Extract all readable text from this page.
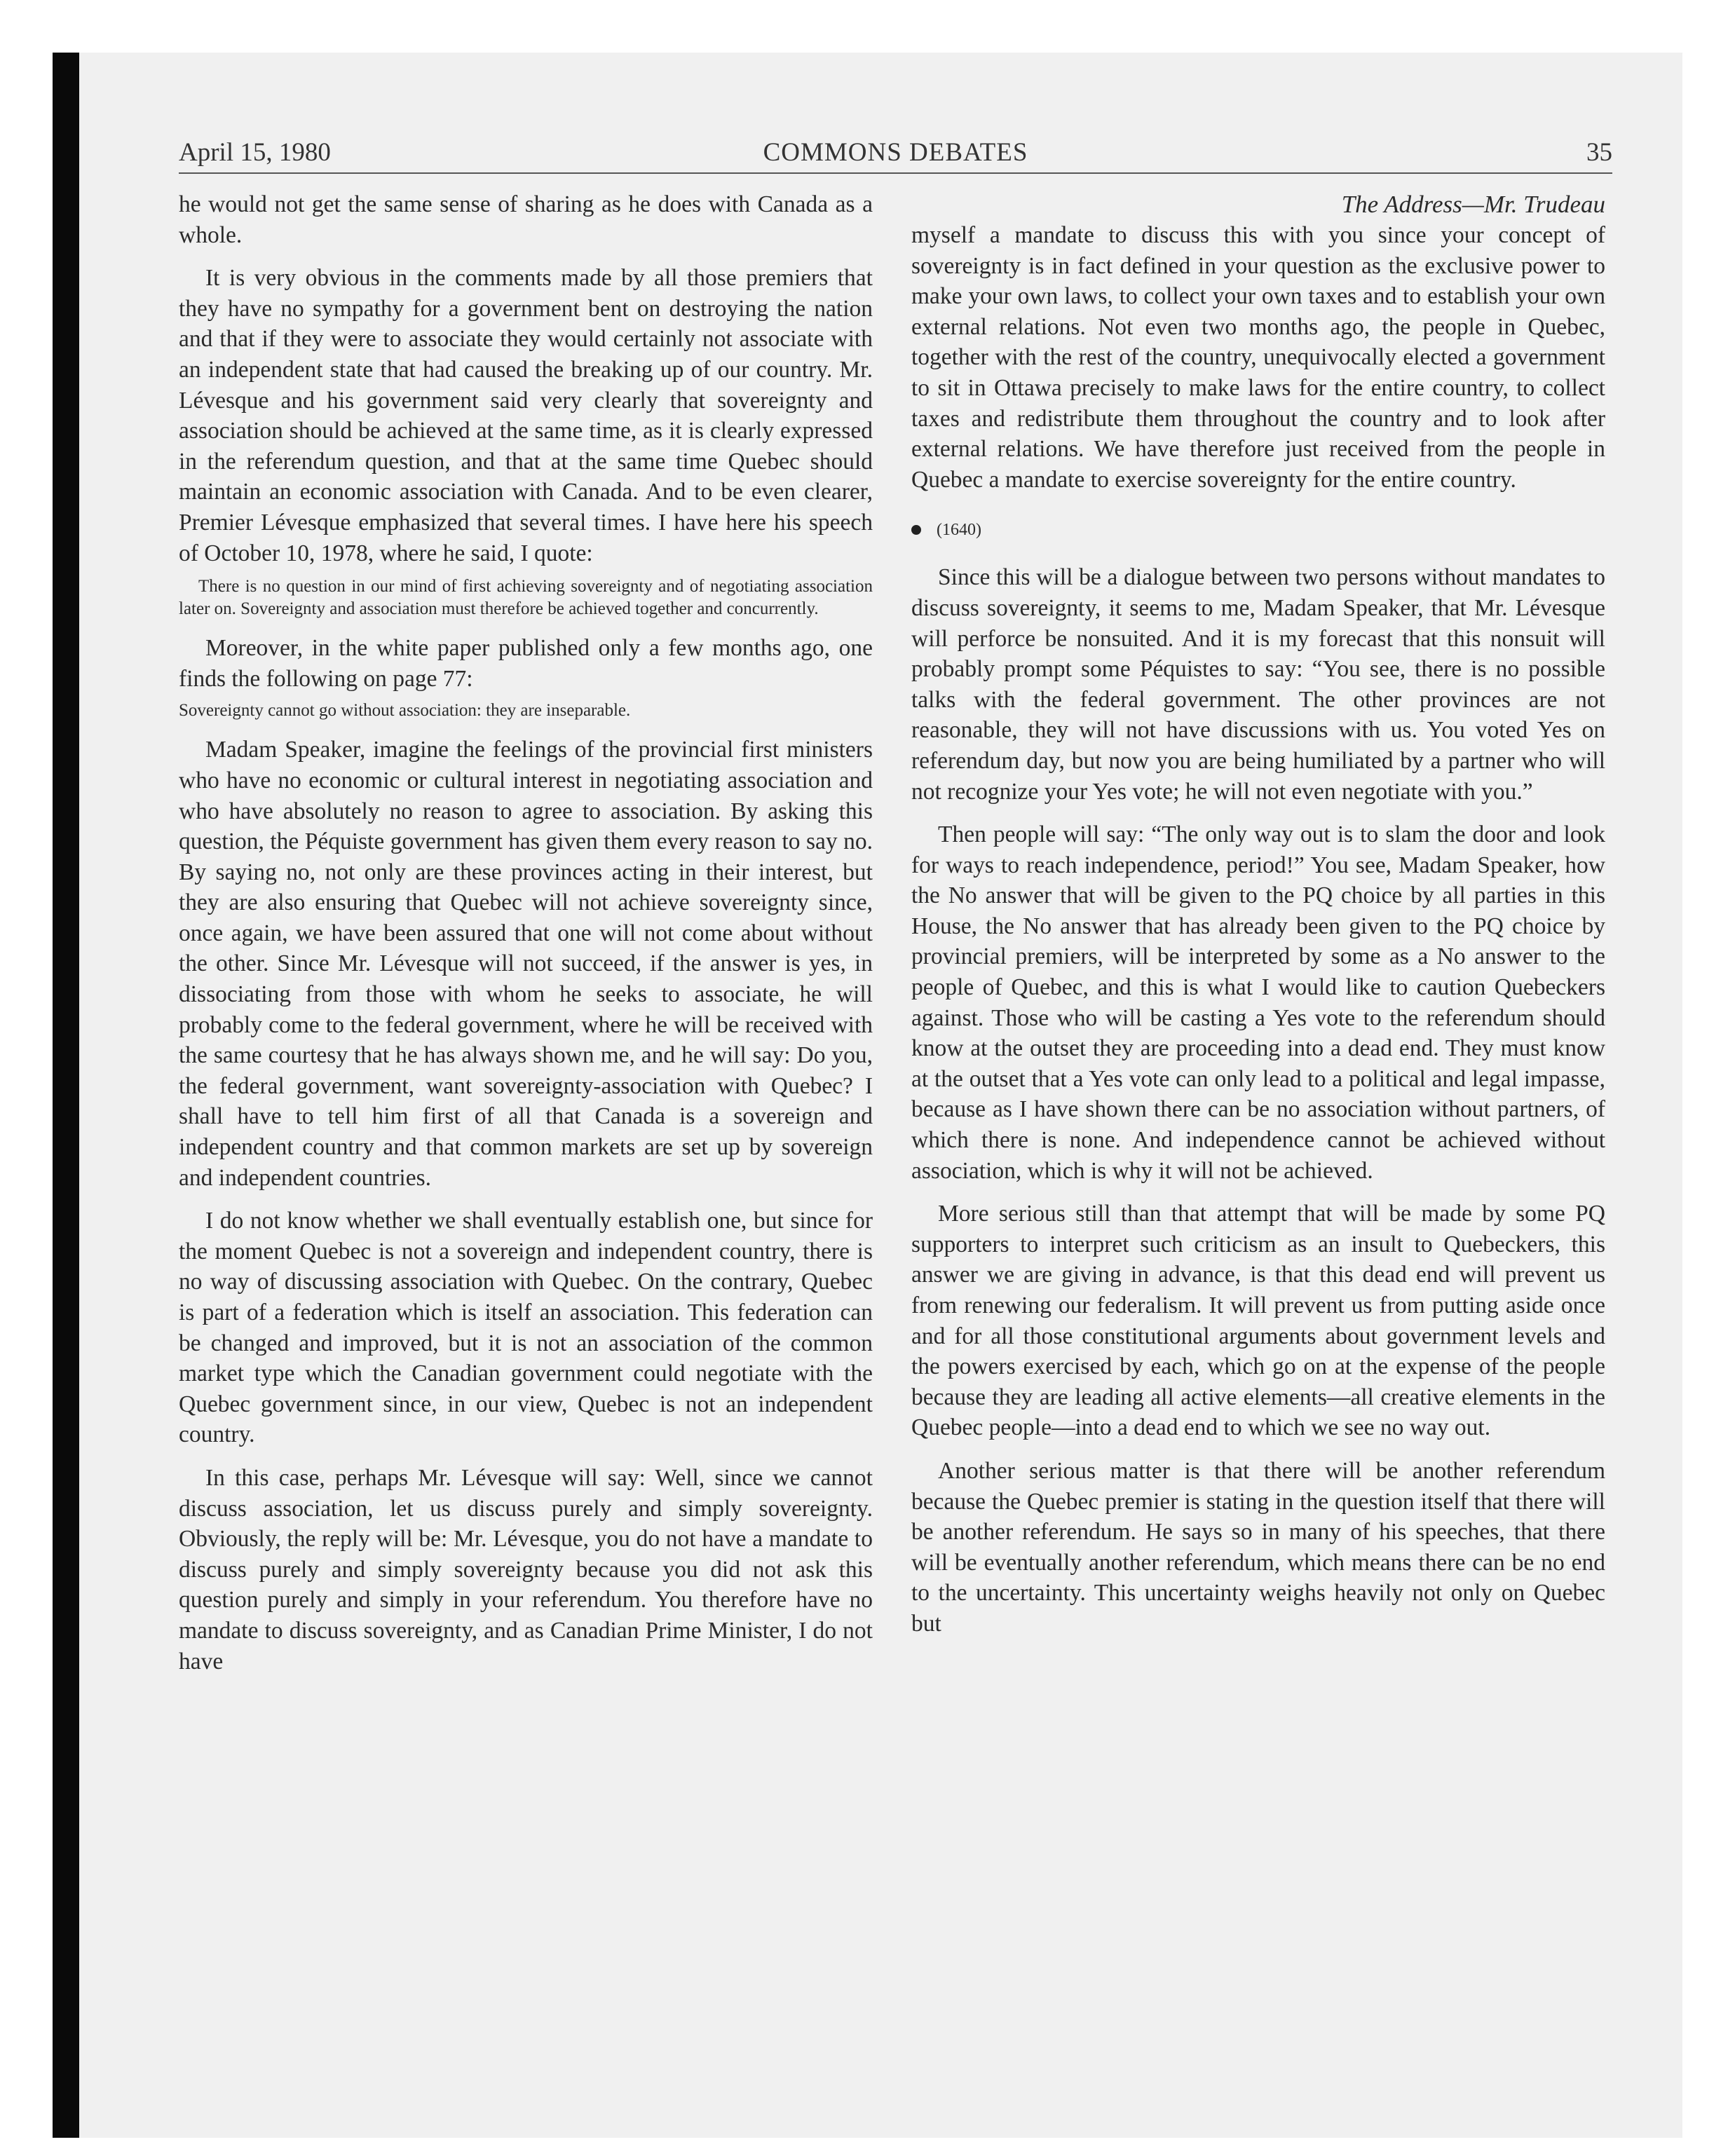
COMMONS DEBATES
April 15, 1980	35

he would not get the same sense of sharing as he does with Canada as a whole.

It is very obvious in the comments made by all those premiers that they have no sympathy for a government bent on destroying the nation and that if they were to associate they would certainly not associate with an independent state that had caused the breaking up of our country. Mr. Lévesque and his government said very clearly that sovereignty and association should be achieved at the same time, as it is clearly expressed in the referendum question, and that at the same time Quebec should maintain an economic association with Canada. And to be even clearer, Premier Lévesque emphasized that several times. I have here his speech of October 10, 1978, where he said, I quote:

There is no question in our mind of first achieving sovereignty and of negotiating association later on. Sovereignty and association must therefore be achieved together and concurrently.

Moreover, in the white paper published only a few months ago, one finds the following on page 77:

Sovereignty cannot go without association: they are inseparable.

Madam Speaker, imagine the feelings of the provincial first ministers who have no economic or cultural interest in negotiating association and who have absolutely no reason to agree to association. By asking this question, the Péquiste government has given them every reason to say no. By saying no, not only are these provinces acting in their interest, but they are also ensuring that Quebec will not achieve sovereignty since, once again, we have been assured that one will not come about without the other. Since Mr. Lévesque will not succeed, if the answer is yes, in dissociating from those with whom he seeks to associate, he will probably come to the federal government, where he will be received with the same courtesy that he has always shown me, and he will say: Do you, the federal government, want sovereignty-association with Quebec? I shall have to tell him first of all that Canada is a sovereign and independent country and that common markets are set up by sovereign and independent countries.

I do not know whether we shall eventually establish one, but since for the moment Quebec is not a sovereign and independent country, there is no way of discussing association with Quebec. On the contrary, Quebec is part of a federation which is itself an association. This federation can be changed and improved, but it is not an association of the common market type which the Canadian government could negotiate with the Quebec government since, in our view, Quebec is not an independent country.

In this case, perhaps Mr. Lévesque will say: Well, since we cannot discuss association, let us discuss purely and simply sovereignty. Obviously, the reply will be: Mr. Lévesque, you do not have a mandate to discuss purely and simply sovereignty because you did not ask this question purely and simply in your referendum. You therefore have no mandate to discuss sovereignty, and as Canadian Prime Minister, I do not have

The Address—Mr. Trudeau

myself a mandate to discuss this with you since your concept of sovereignty is in fact defined in your question as the exclusive power to make your own laws, to collect your own taxes and to establish your own external relations. Not even two months ago, the people in Quebec, together with the rest of the country, unequivocally elected a government to sit in Ottawa precisely to make laws for the entire country, to collect taxes and redistribute them throughout the country and to look after external relations. We have therefore just received from the people in Quebec a mandate to exercise sovereignty for the entire country.

(1640)

Since this will be a dialogue between two persons without mandates to discuss sovereignty, it seems to me, Madam Speaker, that Mr. Lévesque will perforce be nonsuited. And it is my forecast that this nonsuit will probably prompt some Péquistes to say: “You see, there is no possible talks with the federal government. The other provinces are not reasonable, they will not have discussions with us. You voted Yes on referendum day, but now you are being humiliated by a partner who will not recognize your Yes vote; he will not even negotiate with you.”

Then people will say: “The only way out is to slam the door and look for ways to reach independence, period!” You see, Madam Speaker, how the No answer that will be given to the PQ choice by all parties in this House, the No answer that has already been given to the PQ choice by provincial premiers, will be interpreted by some as a No answer to the people of Quebec, and this is what I would like to caution Quebeckers against. Those who will be casting a Yes vote to the referendum should know at the outset they are proceeding into a dead end. They must know at the outset that a Yes vote can only lead to a political and legal impasse, because as I have shown there can be no association without partners, of which there is none. And independence cannot be achieved without association, which is why it will not be achieved.

More serious still than that attempt that will be made by some PQ supporters to interpret such criticism as an insult to Quebeckers, this answer we are giving in advance, is that this dead end will prevent us from renewing our federalism. It will prevent us from putting aside once and for all those constitutional arguments about government levels and the powers exercised by each, which go on at the expense of the people because they are leading all active elements—all creative elements in the Quebec people—into a dead end to which we see no way out.

Another serious matter is that there will be another referendum because the Quebec premier is stating in the question itself that there will be another referendum. He says so in many of his speeches, that there will be eventually another referendum, which means there can be no end to the uncertainty. This uncertainty weighs heavily not only on Quebec but
